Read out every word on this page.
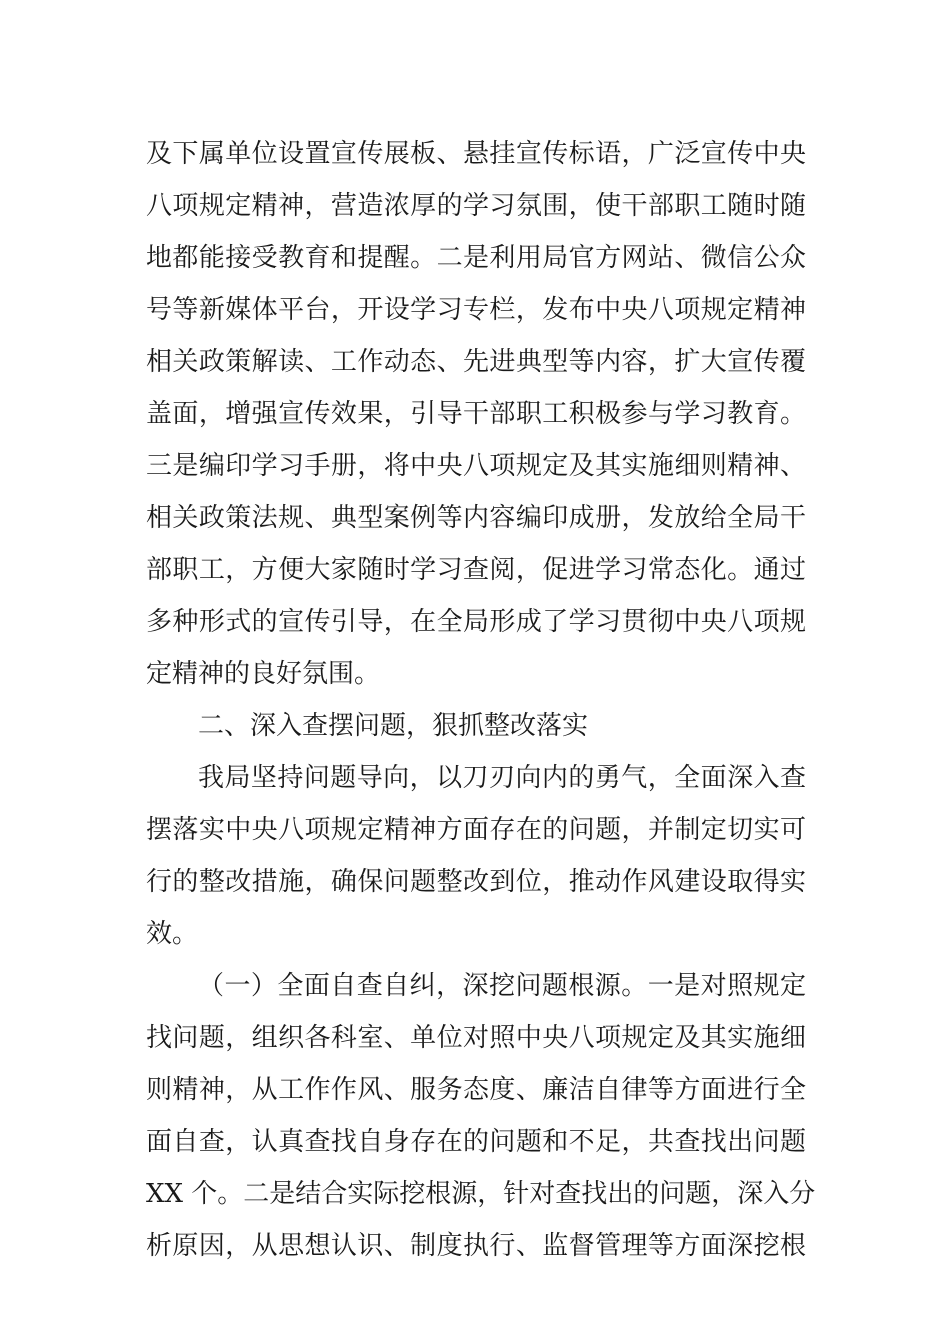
及下属单位设置宣传展板、悬挂宣传标语，广泛宣传中央
八项规定精神，营造浓厚的学习氛围，使干部职工随时随
地都能接受教育和提醒。二是利用局官方网站、微信公众
号等新媒体平台，开设学习专栏，发布中央八项规定精神
相关政策解读、工作动态、先进典型等内容，扩大宣传覆
盖面，增强宣传效果，引导干部职工积极参与学习教育。
三是编印学习手册，将中央八项规定及其实施细则精神、
相关政策法规、典型案例等内容编印成册，发放给全局干
部职工，方便大家随时学习查阅，促进学习常态化。通过
多种形式的宣传引导，在全局形成了学习贯彻中央八项规
定精神的良好氛围。
二、深入查摆问题，狠抓整改落实
我局坚持问题导向，以刀刃向内的勇气，全面深入查
摆落实中央八项规定精神方面存在的问题，并制定切实可
行的整改措施，确保问题整改到位，推动作风建设取得实
效。
（一）全面自查自纠，深挖问题根源。一是对照规定
找问题，组织各科室、单位对照中央八项规定及其实施细
则精神，从工作作风、服务态度、廉洁自律等方面进行全
面自查，认真查找自身存在的问题和不足，共查找出问题
XX 个。二是结合实际挖根源，针对查找出的问题，深入分
析原因，从思想认识、制度执行、监督管理等方面深挖根
